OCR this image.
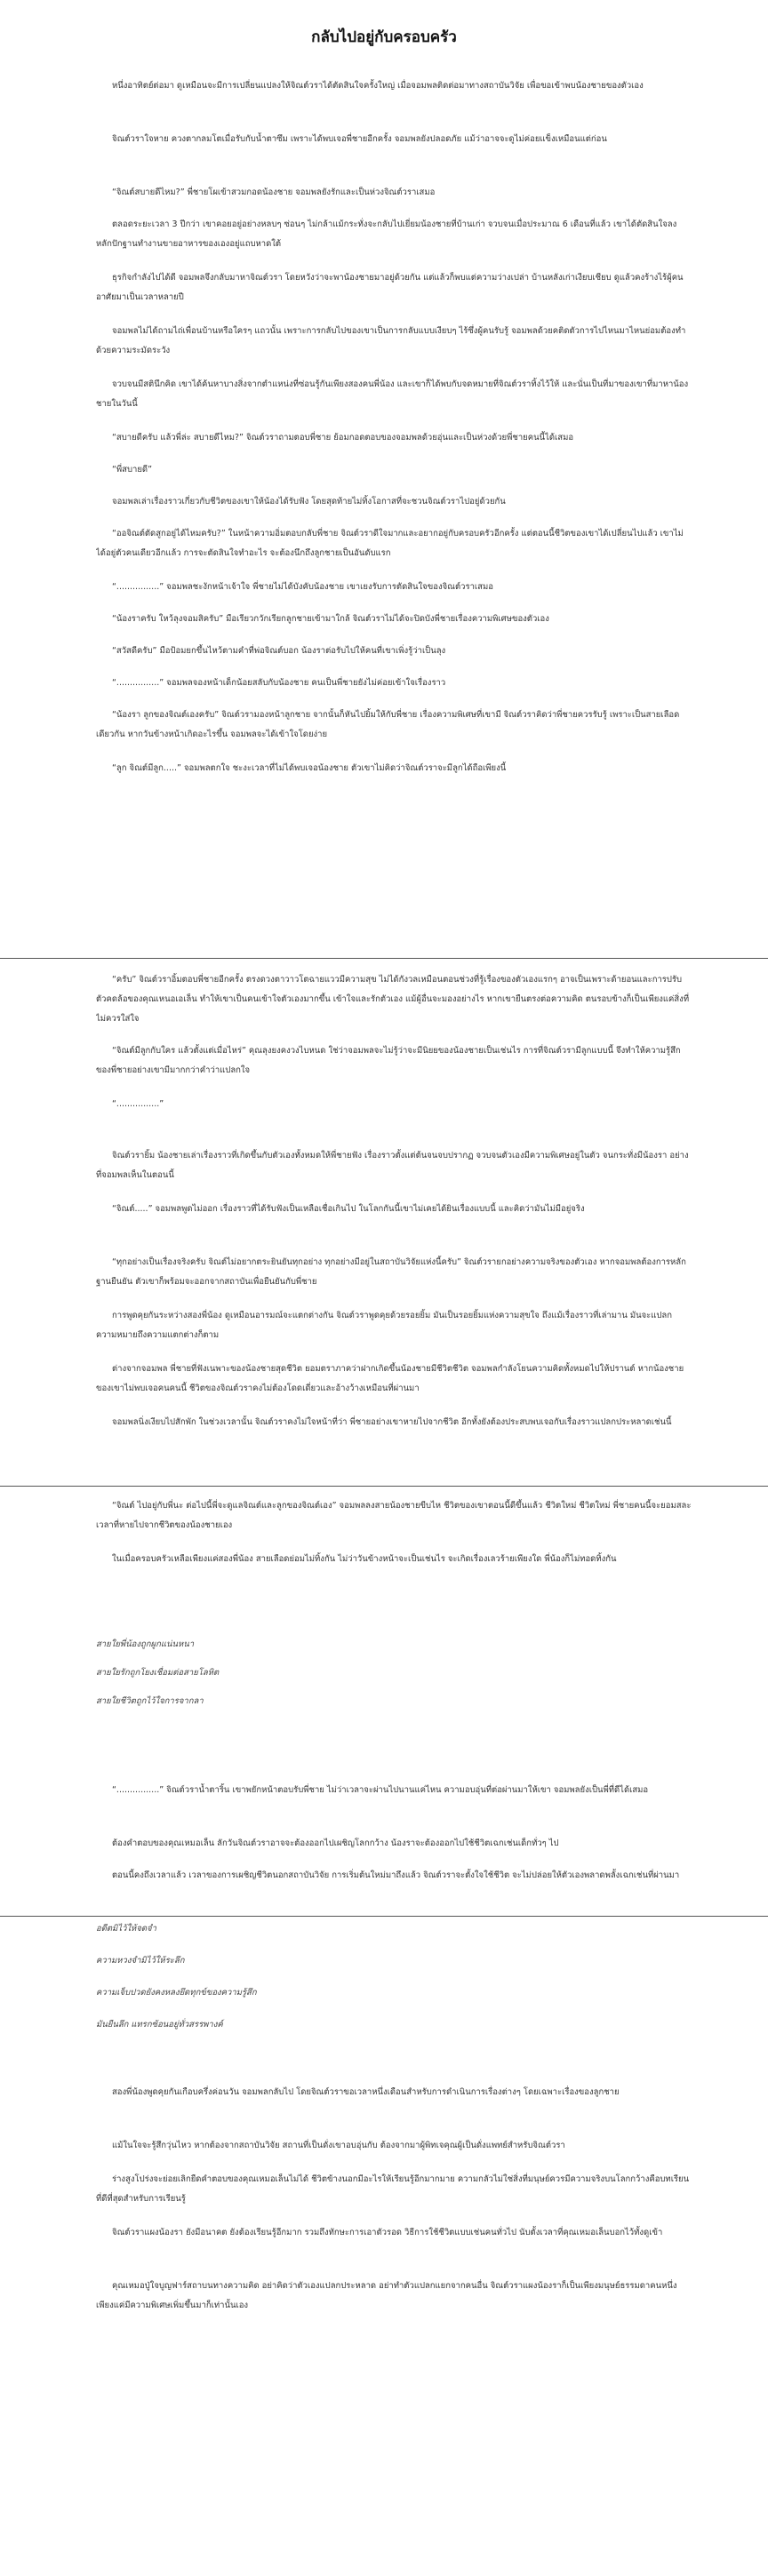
กลับไปอยู่กับครอบครัว

หนึ่งอาทิตย์ต่อมา ดูเหมือนจะมีการเปลี่ยนแปลงให้จิณต์วราได้ตัดสินใจครั้งใหญ่ เมื่อจอมพลติดต่อมาทางสถาบันวิจัย เพื่อขอเข้าพบน้องชายของตัวเอง

จิณต์วราใจหาย ควงตากลมโตเมื่อรับกับน้ำตาซึม เพราะได้พบเจอพี่ชายอีกครั้ง จอมพลยังปลอดภัย แม้ว่าอาจจะดูไม่ค่อยแข็งเหมือนแต่ก่อน

“จิณต์สบายดีไหม?” พี่ชายโผเข้าสวมกอดน้องชาย จอมพลยังรักและเป็นห่วงจิณต์วราเสมอ

ตลอดระยะเวลา 3 ปีกว่า เขาคอยอยู่อย่างหลบๆ ซ่อนๆ ไม่กล้าแม้กระทั่งจะกลับไปเยี่ยมน้องชายที่บ้านเก่า จวบจนเมื่อประมาณ 6 เดือนที่แล้ว เขาได้ตัดสินใจลงหลักปักฐานทำงานขายอาหารของเองอยู่แถบหาดใต้

ธุรกิจกำลังไปได้ดี จอมพลจึงกลับมาหาจิณต์วรา โดยหวังว่าจะพาน้องชายมาอยู่ด้วยกัน แต่แล้วก็พบแต่ความว่างเปล่า บ้านหลังเก่าเงียบเชียบ ดูแล้วคงร้างไร้ผู้คนอาศัยมาเป็นเวลาหลายปี

จอมพลไม่ได้ถามไถ่เพื่อนบ้านหรือใครๆ แถวนั้น เพราะการกลับไปของเขาเป็นการกลับแบบเงียบๆ ไร้ซึ่งผู้คนรับรู้ จอมพลด้วยคติดตัวการไปไหนมาไหนย่อมต้องทำด้วยความระมัดระวัง

จวบจนมีสตินึกคิด เขาได้ค้นหาบางสิ่งจากตำแหน่งที่ซ่อนรู้กันเพียงสองคนพี่น้อง และเขาก็ได้พบกับจดหมายที่จิณต์วราทิ้งไว้ให้ และนั่นเป็นที่มาของเขาที่มาหาน้องชายในวันนี้

“สบายดีครับ แล้วพี่ล่ะ สบายดีไหม?” จิณต์วราถามตอบพี่ชาย ย้อมกอดตอบของจอมพลด้วยอุ่นและเป็นห่วงด้วยพี่ชายคนนี้ได้เสมอ

“พี่สบายดี”

จอมพลเล่าเรื่องราวเกี่ยวกับชีวิตของเขาให้น้องได้รับฟัง โดยสุดท้ายไม่ทิ้งโอกาสที่จะชวนจิณต์วราไปอยู่ด้วยกัน

“ออจิณต์ตัดสูกอยู่ได้ไหมครับ?” ในหน้าความอิ่มตอบกลับพี่ชาย จิณต์วราดีใจมากและอยากอยู่กับครอบครัวอีกครั้ง แต่ตอนนี้ชีวิตของเขาได้เปลี่ยนไปแล้ว เขาไม่ได้อยู่ตัวคนเดียวอีกแล้ว การจะตัดสินใจทำอะไร จะต้องนึกถึงลูกชายเป็นอันดับแรก

“................” จอมพลชะงักหน้าเจ้าใจ พี่ชายไม่ได้บังคับน้องชาย เขาเยงรับการตัดสินใจของจิณต์วราเสมอ

“น้องราครับ ใหว้ลุงจอมสิครับ” มือเรียวกวักเรียกลูกชายเข้ามาใกล้ จิณต์วราไม่ได้จะปิดบังพี่ชายเรื่องความพิเศษของตัวเอง

“สวัสดีครับ” มือป้อมยกขึ้นไหว้ตามคำที่พ่อจิณต์บอก น้องราต่อรับไปให้คนที่เขาเพิ่งรู้ว่าเป็นลุง

“................” จอมพลจองหน้าเด็กน้อยสลับกับน้องชาย คนเป็นพี่ชายยังไม่ค่อยเข้าใจเรื่องราว

“น้องรา ลูกของจิณต์เองครับ” จิณต์วรามองหน้าลูกชาย จากนั้นก็หันไปยิ้มให้กับพี่ชาย เรื่องความพิเศษที่เขามี จิณต์วราคิดว่าพี่ชายควรรับรู้ เพราะเป็นสายเลือดเดียวกัน หากวันข้างหน้าเกิดอะไรขึ้น จอมพลจะได้เข้าใจโดยง่าย

“ลูก จิณต์มีลูก.....” จอมพลตกใจ ชะงะเวลาที่ไม่ได้พบเจอน้องชาย ตัวเขาไม่คิดว่าจิณต์วราจะมีลูกได้ถือเพียงนี้

“ครับ” จิณต์วราอิ้มตอบพี่ชายอีกครั้ง ตรงดวงตาวาวโตฉายแววมีความสุข ไม่ได้กังวลเหมือนตอนช่วงที่รู้เรื่องของตัวเองแรกๆ อาจเป็นเพราะด้ายอนและการปรับตัวคดล้อของคุณเหนอเอเล็น ทำให้เขาเป็นคนเข้าใจตัวเองมากขึ้น เข้าใจและรักตัวเอง แม้ผู้อื่นจะมองอย่างไร หากเขายืนตรงต่อความคิด ตนรอบข้างก็เป็นเพียงแค่สิ่งที่ไม่ควรใส่ใจ

“จิณต์มีลูกกับใคร แล้วตั้งแต่เมื่อไหร่” คุณลุงยงคงวงไบหนด ใช่ว่าจอมพลจะไม่รู้ว่าจะมีนิยยของน้องชายเป็นเช่นไร การที่จิณต์วรามีลูกแบบนี้ จึงทำให้ความรู้สึกของพี่ชายอย่างเขามีมากกว่าคำว่าแปลกใจ

“................”

จิณต์วรายิ้ม น้องชายเล่าเรื่องราวที่เกิดขึ้นกับตัวเองทั้งหมดให้พี่ชายฟัง เรื่องราวตั้งแต่ต้นจนจบปรากฏ จวบจนตัวเองมีความพิเศษอยู่ในตัว จนกระทั่งมีน้องรา อย่างที่จอมพลเห็นในตอนนี้

“จิณต์.....” จอมพลพูดไม่ออก เรื่องราวที่ได้รับฟังเป็นเหลือเชื่อเกินไป ในโลกกันนี้เขาไม่เคยได้ยินเรื่องแบบนี้ และคิดว่ามันไม่มีอยู่จริง

“ทุกอย่างเป็นเรื่องจริงครับ จิณต์ไม่อยากตระยินยันทุกอย่าง ทุกอย่างมีอยู่ในสถาบันวิจัยแห่งนี้ครับ” จิณต์วรายกอย่างความจริงของตัวเอง หากจอมพลต้องการหลักฐานยืนยัน ตัวเขาก็พร้อมจะออกจากสถาบันเพื่อยืนยันกับพี่ชาย

การพูดคุยกันระหว่างสองพี่น้อง ดูเหมือนอารมณ์จะแตกต่างกัน จิณต์วราพูดคุยด้วยรอยยิ้ม มันเป็นรอยยิ้มแห่งความสุขใจ ถึงแม้เรื่องราวที่เล่ามาน มันจะแปลกความหมายถึงความแตกต่างก็ตาม

ต่างจากจอมพล พี่ชายที่ฟังเนพาะของน้องชายสุดชีวิต ยอมตราภาคว่าฝากเกิดขึ้นน้องชายมีชีวิตชีวิต จอมพลกำลังโยนความคิดทั้งหมดไปให้ปรานต์ หากน้องชายของเขาไม่พบเจอคนคนนี้ ชีวิตของจิณต์วราคงไม่ต้องโดดเดี่ยวและอ้างว้างเหมือนที่ผ่านมา

จอมพลนิ่งเงียบไปสักพัก ในช่วงเวลานั้น จิณต์วราคงไม่ใจหน้าที่ว่า พี่ชายอย่างเขาหายไปจากชีวิต อีกทั้งยังต้องประสบพบเจอกับเรื่องราวแปลกประหลาดเช่นนี้

“จิณต์ ไปอยู่กับพี่นะ ต่อไปนี้พี่จะดูแลจิณต์และลูกของจิณต์เอง” จอมพลลงสายน้องชายขีบไห ชีวิตของเขาตอนนี้ดีขึ้นแล้ว ชีวิตใหม่ ชีวิตใหม่ พี่ชายคนนี้จะยอมสละเวลาที่หายไปจากชีวิตของน้องชายเอง

ในเมื่อครอบครัวเหลือเพียงแค่สองพี่น้อง สายเลือดย่อมไม่ทิ้งกัน ไม่ว่าวันข้างหน้าจะเป็นเช่นไร จะเกิดเรื่องเลวร้ายเพียงใด พี่น้องก็ไม่ทอดทิ้งกัน

สายใยพี่น้องถูกผูกแน่นหนา
สายใยรักถูกโยงเชื่อมต่อสายโลหิต
สายใยชีวิตถูกไว้ใจการจากลา

“................” จิณต์วราน้ำตาริ้น เขาพยักหน้าตอบรับพี่ชาย ไม่ว่าเวลาจะผ่านไปนานแค่ไหน ความอบอุ่นที่ต่อผ่านมาให้เขา จอมพลยังเป็นพี่ที่ดีได้เสมอ

ต้องคำตอบของคุณเหมอเล็น ลักวันจิณต์วราอาจจะต้องออกไปเผชิญโลกกว้าง น้องราจะต้องออกไปใช้ชีวิตเฉกเช่นเด็กทั่วๆ ไป

ตอนนี้คงถึงเวลาแล้ว เวลาของการเผชิญชีวิตนอกสถาบันวิจัย การเริ่มต้นใหม่มาถึงแล้ว จิณต์วราจะตั้งใจใช้ชีวิต จะไม่ปล่อยให้ตัวเองพลาดพลั้งเฉกเช่นที่ผ่านมา

อดีตมิไว้ให้จดจำ
ความหวงจำมิไว้ให้ระลึก
ความเจ็บปวดยังคงหลงยึดทุกข์ของความรู้สึก
มันยืนลึก แทรกซ้อนอยู่ทั่วสรรพางค์

สองพี่น้องพูดคุยกันเกือบครึ่งค่อนวัน จอมพลกลับไป โดยจิณต์วราขอเวลาหนึ่งเดือนสำหรับการดำเนินการเรื่องต่างๆ โดยเฉพาะเรื่องของลูกชาย

แม้ในใจจะรู้สึกวุ่นไหว หากต้องจากสถาบันวิจัย สถานที่เป็นดั่งเขาอบอุ่นกับ ต้องจากมาผู้พิทเจคุณผู้เป็นดั่งแพทย์สำหรับจิณต์วรา

ร่างสูงโปร่งจะย่อยเลิกยืดคำตอบของคุณเหมอเล็นไม่ได้ ชีวิตข้างนอกมีอะไรให้เรียนรู้อีกมากมาย ความกลัวไม่ใช่สิ่งที่มนุษย์ควรมีความจริงบนโลกกว้างคือบทเรียนที่ดีที่สุดสำหรับการเรียนรู้

จิณต์วราแผงน้องรา ยังมีอนาคต ยังต้องเรียนรู้อีกมาก รวมถึงทักษะการเอาตัวรอด วิธีการใช้ชีวิตแบบเช่นคนทั่วไป นับตั้งเวลาที่คุณเหมอเล็นบอกไว้ทั้งดูเข้า

คุณเหมอปู่ใจบูญฟาร์สถาบนทางความคิด อย่าคิดว่าตัวเองแปลกประหลาด อย่าทำตัวแปลกแยกจากคนอื่น จิณต์วราแผงน้องราก็เป็นเพียงมนุษย์ธรรมดาคนหนึ่ง เพียงแค่มีความพิเศษเพิ่มขึ้นมาก็เท่านั้นเอง
